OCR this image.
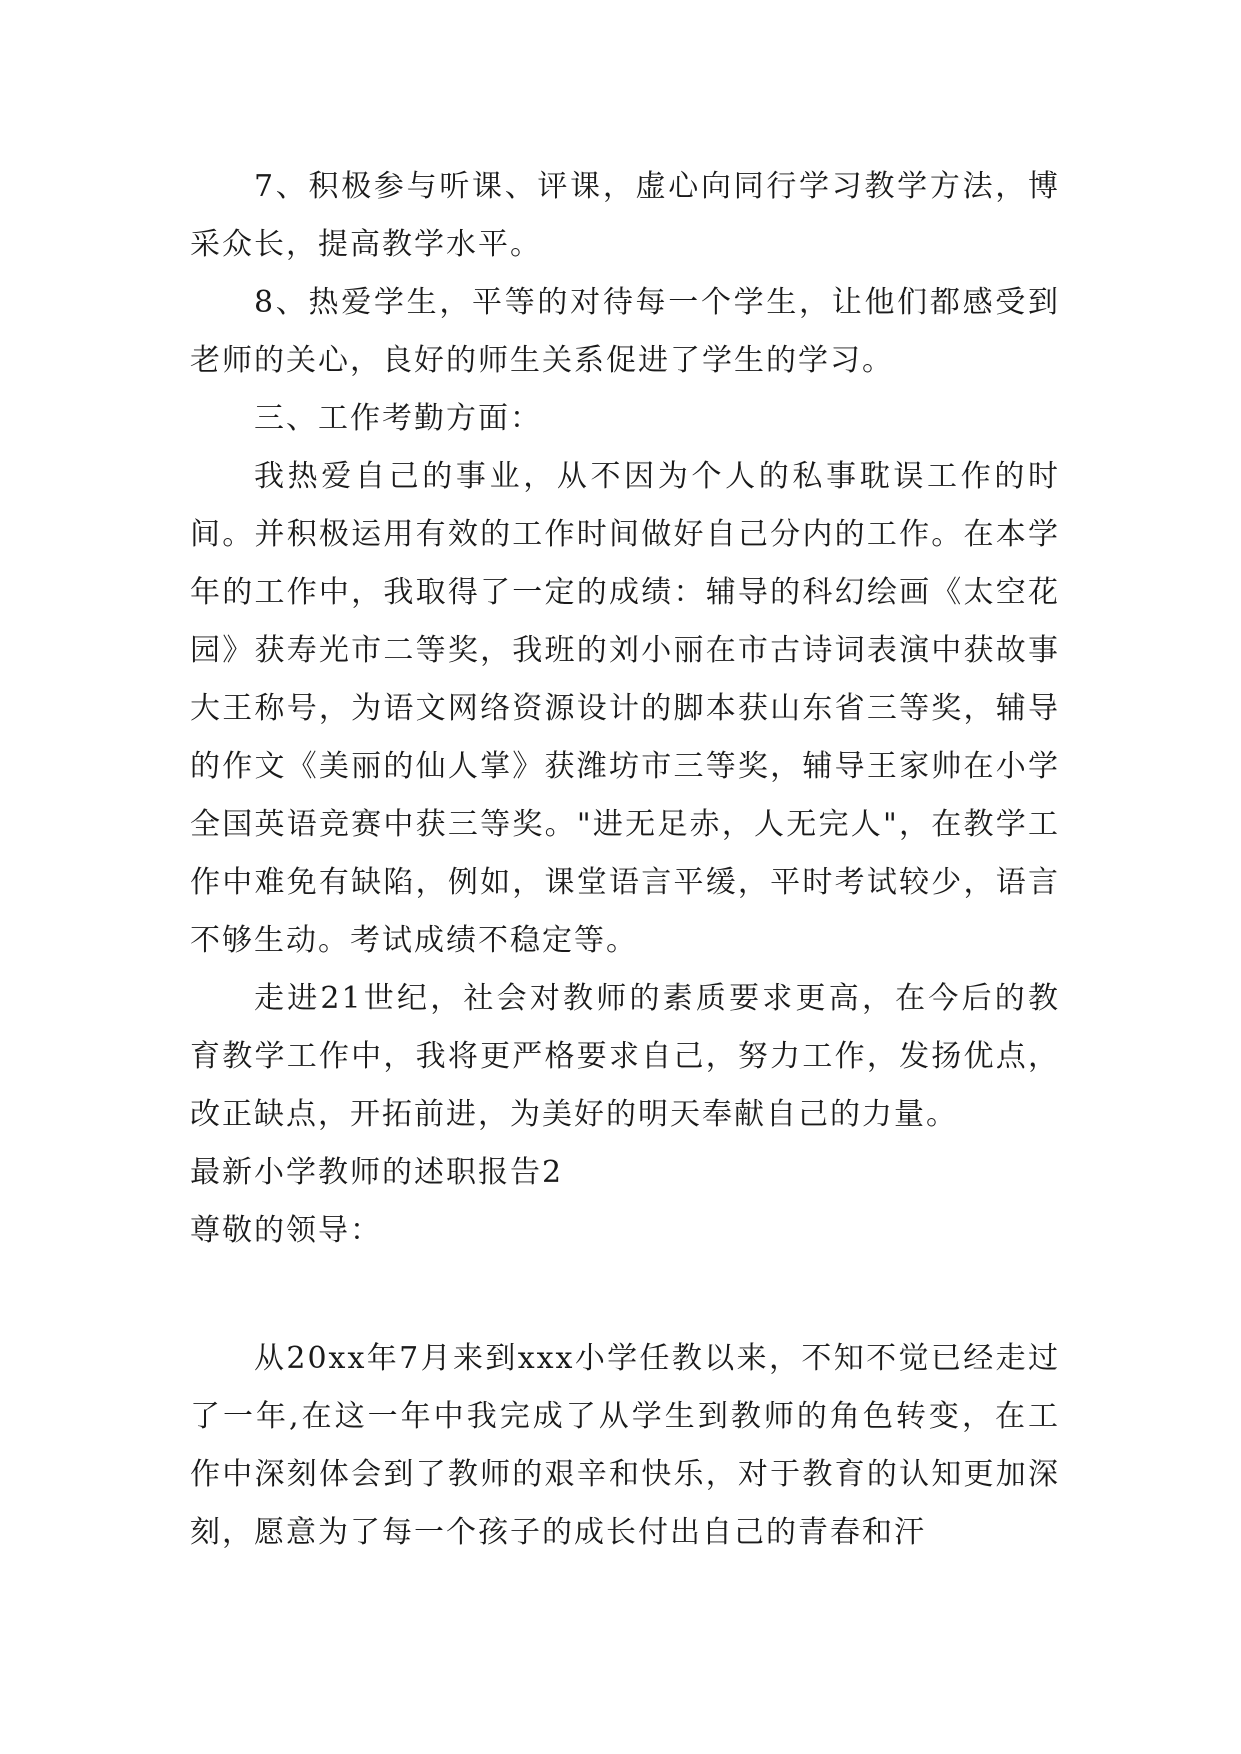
7、积极参与听课、评课，虚心向同行学习教学方法，博采众长，提高教学水平。

8、热爱学生，平等的对待每一个学生，让他们都感受到老师的关心，良好的师生关系促进了学生的学习。

三、工作考勤方面：

我热爱自己的事业，从不因为个人的私事耽误工作的时间。并积极运用有效的工作时间做好自己分内的工作。在本学年的工作中，我取得了一定的成绩：辅导的科幻绘画《太空花园》获寿光市二等奖，我班的刘小丽在市古诗词表演中获故事大王称号，为语文网络资源设计的脚本获山东省三等奖，辅导的作文《美丽的仙人掌》获潍坊市三等奖，辅导王家帅在小学全国英语竞赛中获三等奖。"进无足赤，人无完人"，在教学工作中难免有缺陷，例如，课堂语言平缓，平时考试较少，语言不够生动。考试成绩不稳定等。

走进21世纪，社会对教师的素质要求更高，在今后的教育教学工作中，我将更严格要求自己，努力工作，发扬优点，改正缺点，开拓前进，为美好的明天奉献自己的力量。

最新小学教师的述职报告2

尊敬的领导：

从20xx年7月来到xxx小学任教以来，不知不觉已经走过了一年,在这一年中我完成了从学生到教师的角色转变，在工作中深刻体会到了教师的艰辛和快乐，对于教育的认知更加深刻，愿意为了每一个孩子的成长付出自己的青春和汗
